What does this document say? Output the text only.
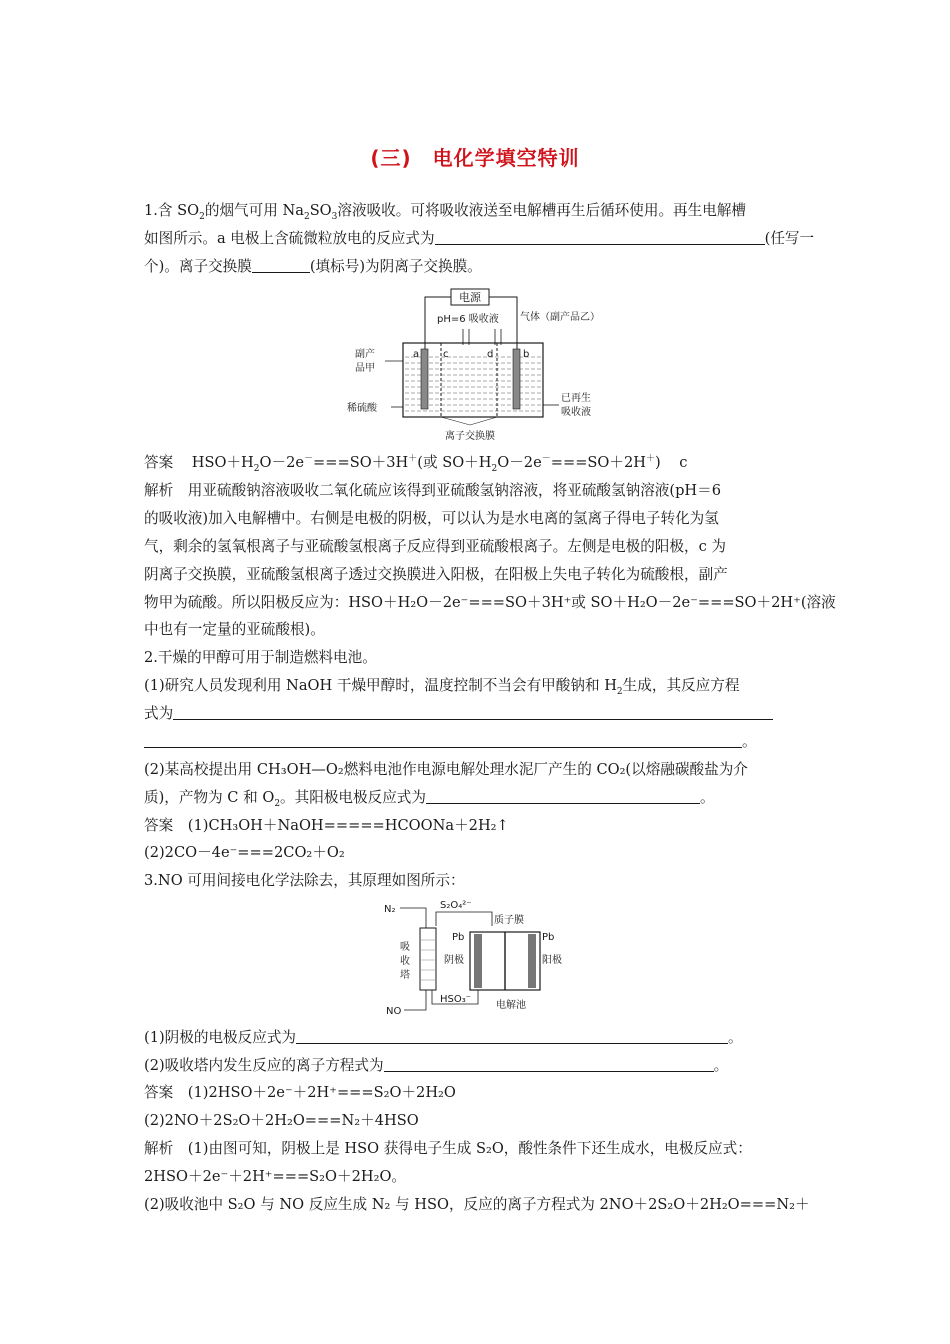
(三)　电化学填空特训
1.含 $SO_2$的烟气可用 $Na_2SO_3$溶液吸收。可将吸收液送至电解槽再生后循环使用。再生电解槽
如图所示。a 电极上含硫微粒放电的反应式为	(任写一
个)。离子交换膜	(填标号)为阴离子交换膜。
电源
pH=6 吸收液 气体（副产品乙）
a c	d	b
副产
品甲
稀硫酸
已再生
吸收液
离子交换膜
答案 $HSO+H_2O-2e^-===SO+3H^+$(或 $SO+H_2O-2e^-===SO+2H^+$) c
解析　用亚硫酸钠溶液吸收二氧化硫应该得到亚硫酸氢钠溶液，将亚硫酸氢钠溶液(pH＝6
的吸收液)加入电解槽中。右侧是电极的阴极，可以认为是水电离的氢离子得电子转化为氢
气，剩余的氢氧根离子与亚硫酸氢根离子反应得到亚硫酸根离子。左侧是电极的阳极，c 为
阴离子交换膜，亚硫酸氢根离子透过交换膜进入阳极，在阳极上失电子转化为硫酸根，副产
物甲为硫酸。所以阳极反应为：HSO＋H₂O－2e⁻===SO＋3H⁺或 SO＋H₂O－2e⁻===SO＋2H⁺(溶液
中也有一定量的亚硫酸根)。
2.干燥的甲醇可用于制造燃料电池。
(1)研究人员发现利用 NaOH 干燥甲醇时，温度控制不当会有甲酸钠和 $H_2$生成，其反应方程
式为
。
(2)某高校提出用 CH₃OH—O₂燃料电池作电源电解处理水泥厂产生的 CO₂(以熔融碳酸盐为介
质)，产物为 C 和 $O_2$。其阳极电极反应式为	。
答案　(1)CH₃OH＋NaOH=====HCOONa＋2H₂↑
(2)2CO－4e⁻===2CO₂＋O₂
3.NO 可用间接电化学法除去，其原理如图所示：
N₂	S₂O₄²⁻
质子膜
吸
收
塔
Pb	Pb
阴极	阳极
NO
HSO₃⁻
电解池
(1)阴极的电极反应式为	。
(2)吸收塔内发生反应的离子方程式为	。
答案　(1)2HSO＋2e⁻＋2H⁺===S₂O＋2H₂O
(2)2NO＋2S₂O＋2H₂O===N₂＋4HSO
解析　(1)由图可知，阴极上是 HSO 获得电子生成 S₂O，酸性条件下还生成水，电极反应式：
2HSO＋2e⁻＋2H⁺===S₂O＋2H₂O。
(2)吸收池中 S₂O 与 NO 反应生成 N₂ 与 HSO，反应的离子方程式为 2NO＋2S₂O＋2H₂O===N₂＋
